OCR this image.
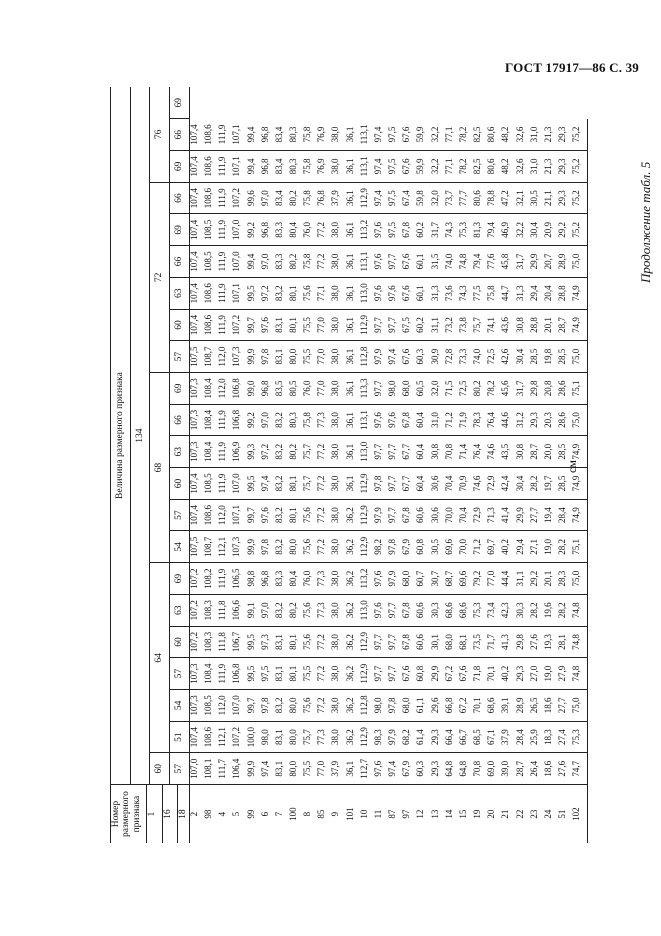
ГОСТ 17917—86 С. 39
Продолжение табл. 5
см
Номер размерного признака 1 16 18	Величина размерного признака																					
	134																					
	60	64						68						72						76		
	57	51	54	57	60	63	69	54	57	60	63	66	69	57	60	63	66	69	66	69	66	69
2	107,0	107,4	107,3	107,3	107,2	107,2	107,2	107,5	107,4	107,4	107,3	107,3	107,3	107,5	107,4	107,4	107,4	107,4	107,4	107,4	107,4	
98	108,1	108,6	108,5	108,4	108,3	108,3	108,2	108,7	108,6	108,5	108,4	108,4	108,4	108,7	108,6	108,6	108,5	108,5	108,6	108,6	108,6	
4	111,7	112,1	112,0	111,9	111,8	111,8	111,9	112,1	112,0	111,9	111,9	111,9	112,0	112,0	111,9	111,9	111,9	111,9	111,9	111,9	111,9	
5	106,4	107,2	107,0	106,8	106,7	106,6	106,5	107,3	107,1	107,0	106,9	106,8	106,8	107,3	107,2	107,1	107,0	107,0	107,2	107,1	107,1	
99	99,9	100,0	99,7	99,5	99,5	99,1	98,8	99,9	99,7	99,5	99,3	99,2	99,0	99,9	99,7	99,5	99,4	99,2	99,6	99,4	99,4	
6	97,4	98,0	97,8	97,5	97,3	97,0	96,8	97,8	97,6	97,4	97,2	97,0	96,8	97,8	97,6	97,2	97,0	96,8	97,0	96,8	96,8	
7	83,1	83,1	83,2	83,1	83,1	83,2	83,3	83,2	83,2	83,2	83,2	83,2	83,5	83,1	83,1	83,2	83,3	83,3	83,4	83,4	83,4	
100	80,0	80,0	80,0	80,1	80,1	80,2	80,4	80,0	80,1	80,1	80,2	80,3	80,5	80,0	80,1	80,1	80,2	80,4	80,2	80,3	80,3	
8	75,5	75,7	75,6	75,5	75,6	75,6	76,0	75,6	75,6	75,7	75,7	75,8	76,0	75,5	75,5	75,6	75,8	76,0	75,8	75,8	75,8	
85	77,0	77,3	77,2	77,2	77,2	77,3	77,3	77,2	77,2	77,2	77,2	77,3	77,0	77,0	77,0	77,1	77,2	77,2	76,8	76,9	76,9	
9	37,9	38,0	38,0	38,0	38,0	38,0	38,0	38,0	38,0	38,0	38,0	38,0	38,0	38,0	38,0	38,0	38,0	38,0	37,9	38,0	38,0	
101	36,1	36,2	36,2	36,2	36,2	36,2	36,2	36,2	36,2	36,1	36,1	36,1	36,1	36,1	36,1	36,1	36,1	36,1	36,1	36,1	36,1	
10	112,7	112,9	112,8	112,9	112,9	113,0	113,2	112,9	112,9	112,9	113,0	113,1	113,3	112,8	112,9	113,0	113,1	113,2	112,9	113,1	113,1	
11	97,6	98,3	98,0	97,7	97,7	97,6	97,6	98,2	97,9	97,8	97,7	97,6	97,7	97,9	97,7	97,6	97,6	97,6	97,4	97,4	97,4	
87	97,4	97,9	97,8	97,7	97,7	97,7	97,9	97,8	97,7	97,7	97,7	97,6	98,0	97,4	97,7	97,6	97,7	97,5	97,5	97,5	97,5	
97	67,9	68,2	68,0	67,6	67,8	67,8	68,0	67,9	67,8	67,7	67,7	67,8	68,0	67,6	67,5	67,6	67,6	67,8	67,4	67,6	67,6	
12	60,3	61,4	61,1	60,8	60,6	60,6	60,7	60,8	60,6	60,4	60,4	60,4	60,5	60,3	60,2	60,1	60,1	60,2	59,8	59,9	59,9	
13	29,3	29,3	29,6	29,9	30,1	30,3	30,7	30,5	30,6	30,6	30,8	31,0	32,0	30,9	31,1	31,3	31,5	31,7	32,0	32,2	32,2	
14	64,8	66,4	66,8	67,2	68,0	68,6	68,7	69,6	70,0	70,4	70,8	71,2	71,5	72,8	73,2	73,6	74,0	74,3	73,7	77,1	77,1	
15	64,8	66,7	67,2	67,6	68,1	68,6	69,6	70,0	70,4	70,9	71,4	71,9	72,5	73,3	73,8	74,3	74,8	75,3	77,7	78,2	78,2	
19	70,8	68,5	70,1	71,8	73,5	75,3	79,2	71,2	72,9	74,6	76,4	78,3	80,2	74,0	75,7	77,5	79,4	81,3	80,6	82,5	82,5	
20	69,0	67,1	68,6	70,1	71,7	73,4	77,0	69,7	71,3	72,9	74,6	76,4	78,2	72,5	74,1	75,8	77,6	79,4	78,8	80,6	80,6	
21	39,0	37,9	39,1	40,2	41,3	42,3	44,4	40,2	41,4	42,4	43,5	44,6	45,6	42,6	43,6	44,7	45,8	46,9	47,2	48,2	48,2	
22	28,7	28,4	28,9	29,3	29,8	30,3	31,1	29,4	29,9	30,4	30,8	31,2	31,7	30,4	30,8	31,3	31,7	32,2	32,1	32,6	32,6	
23	26,4	25,9	26,5	27,0	27,6	28,2	29,2	27,1	27,7	28,2	28,7	29,3	29,8	28,5	28,8	29,4	29,9	30,4	30,5	31,0	31,0	
24	18,6	18,3	18,6	19,0	19,3	19,6	20,1	19,0	19,4	19,7	20,0	20,3	20,8	19,8	20,1	20,4	20,7	20,9	21,1	21,3	21,3	
51	27,6	27,4	27,7	27,9	28,1	28,2	28,3	28,2	28,4	28,5	28,5	28,6	28,6	28,5	28,7	28,8	28,9	29,2	29,3	29,3	29,3	
102	74,7	75,3	75,0	74,8	74,8	74,8	75,0	75,1	74,9	74,9	74,9	75,0	75,1	75,0	74,9	74,9	75,0	75,2	75,2	75,2	75,2	
